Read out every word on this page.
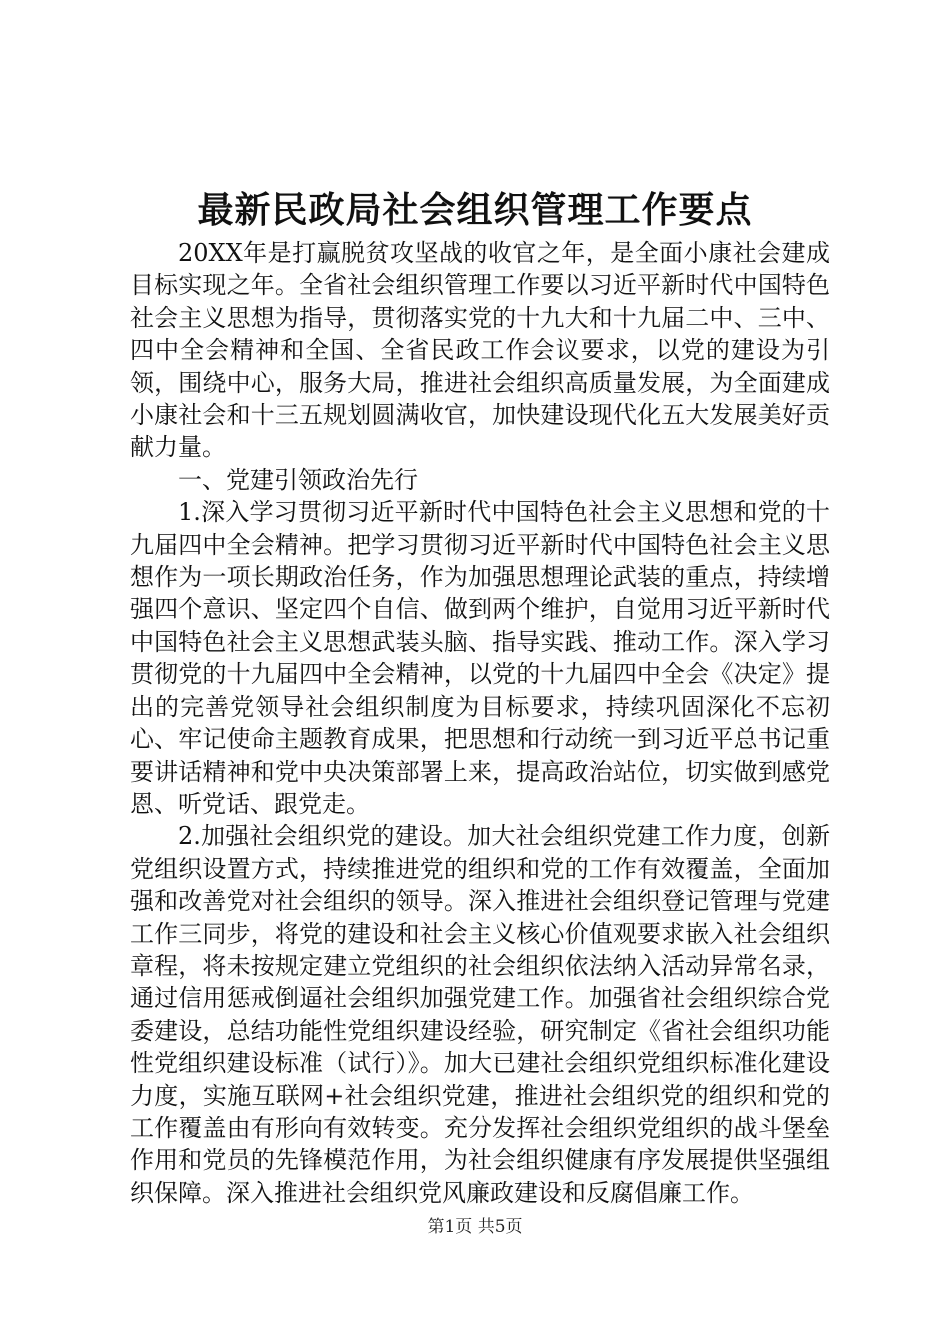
最新民政局社会组织管理工作要点

20XX年是打赢脱贫攻坚战的收官之年，是全面小康社会建成目标实现之年。全省社会组织管理工作要以习近平新时代中国特色社会主义思想为指导，贯彻落实党的十九大和十九届二中、三中、四中全会精神和全国、全省民政工作会议要求，以党的建设为引领，围绕中心，服务大局，推进社会组织高质量发展，为全面建成小康社会和十三五规划圆满收官，加快建设现代化五大发展美好贡献力量。

一、党建引领政治先行

1.深入学习贯彻习近平新时代中国特色社会主义思想和党的十九届四中全会精神。把学习贯彻习近平新时代中国特色社会主义思想作为一项长期政治任务，作为加强思想理论武装的重点，持续增强四个意识、坚定四个自信、做到两个维护，自觉用习近平新时代中国特色社会主义思想武装头脑、指导实践、推动工作。深入学习贯彻党的十九届四中全会精神，以党的十九届四中全会《决定》提出的完善党领导社会组织制度为目标要求，持续巩固深化不忘初心、牢记使命主题教育成果，把思想和行动统一到习近平总书记重要讲话精神和党中央决策部署上来，提高政治站位，切实做到感党恩、听党话、跟党走。

2.加强社会组织党的建设。加大社会组织党建工作力度，创新党组织设置方式，持续推进党的组织和党的工作有效覆盖，全面加强和改善党对社会组织的领导。深入推进社会组织登记管理与党建工作三同步，将党的建设和社会主义核心价值观要求嵌入社会组织章程，将未按规定建立党组织的社会组织依法纳入活动异常名录，通过信用惩戒倒逼社会组织加强党建工作。加强省社会组织综合党委建设，总结功能性党组织建设经验，研究制定《省社会组织功能性党组织建设标准（试行）》。加大已建社会组织党组织标准化建设力度，实施互联网+社会组织党建，推进社会组织党的组织和党的工作覆盖由有形向有效转变。充分发挥社会组织党组织的战斗堡垒作用和党员的先锋模范作用，为社会组织健康有序发展提供坚强组织保障。深入推进社会组织党风廉政建设和反腐倡廉工作。

第1页 共5页
